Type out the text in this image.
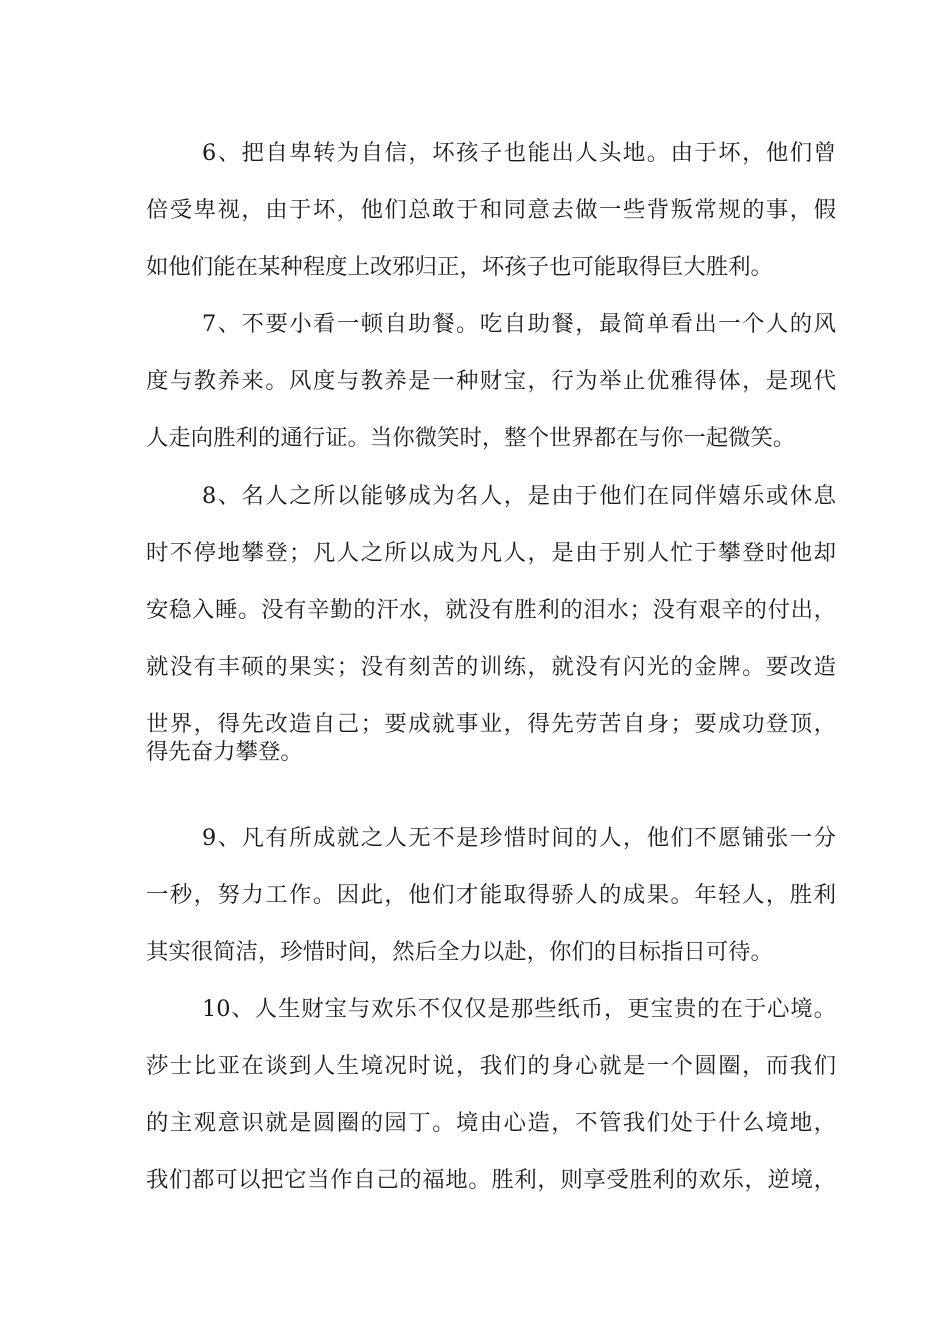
6、把自卑转为自信，坏孩子也能出人头地。由于坏，他们曾
倍受卑视，由于坏，他们总敢于和同意去做一些背叛常规的事，假
如他们能在某种程度上改邪归正，坏孩子也可能取得巨大胜利。
7、不要小看一顿自助餐。吃自助餐，最简单看出一个人的风
度与教养来。风度与教养是一种财宝，行为举止优雅得体，是现代
人走向胜利的通行证。当你微笑时，整个世界都在与你一起微笑。
8、名人之所以能够成为名人，是由于他们在同伴嬉乐或休息
时不停地攀登；凡人之所以成为凡人，是由于别人忙于攀登时他却
安稳入睡。没有辛勤的汗水，就没有胜利的泪水；没有艰辛的付出，
就没有丰硕的果实；没有刻苦的训练，就没有闪光的金牌。要改造
世界，得先改造自己；要成就事业，得先劳苦自身；要成功登顶，
得先奋力攀登。
9、凡有所成就之人无不是珍惜时间的人，他们不愿铺张一分
一秒，努力工作。因此，他们才能取得骄人的成果。年轻人，胜利
其实很简洁，珍惜时间，然后全力以赴，你们的目标指日可待。
10、人生财宝与欢乐不仅仅是那些纸币，更宝贵的在于心境。
莎士比亚在谈到人生境况时说，我们的身心就是一个圆圈，而我们
的主观意识就是圆圈的园丁。境由心造，不管我们处于什么境地，
我们都可以把它当作自己的福地。胜利，则享受胜利的欢乐，逆境，
